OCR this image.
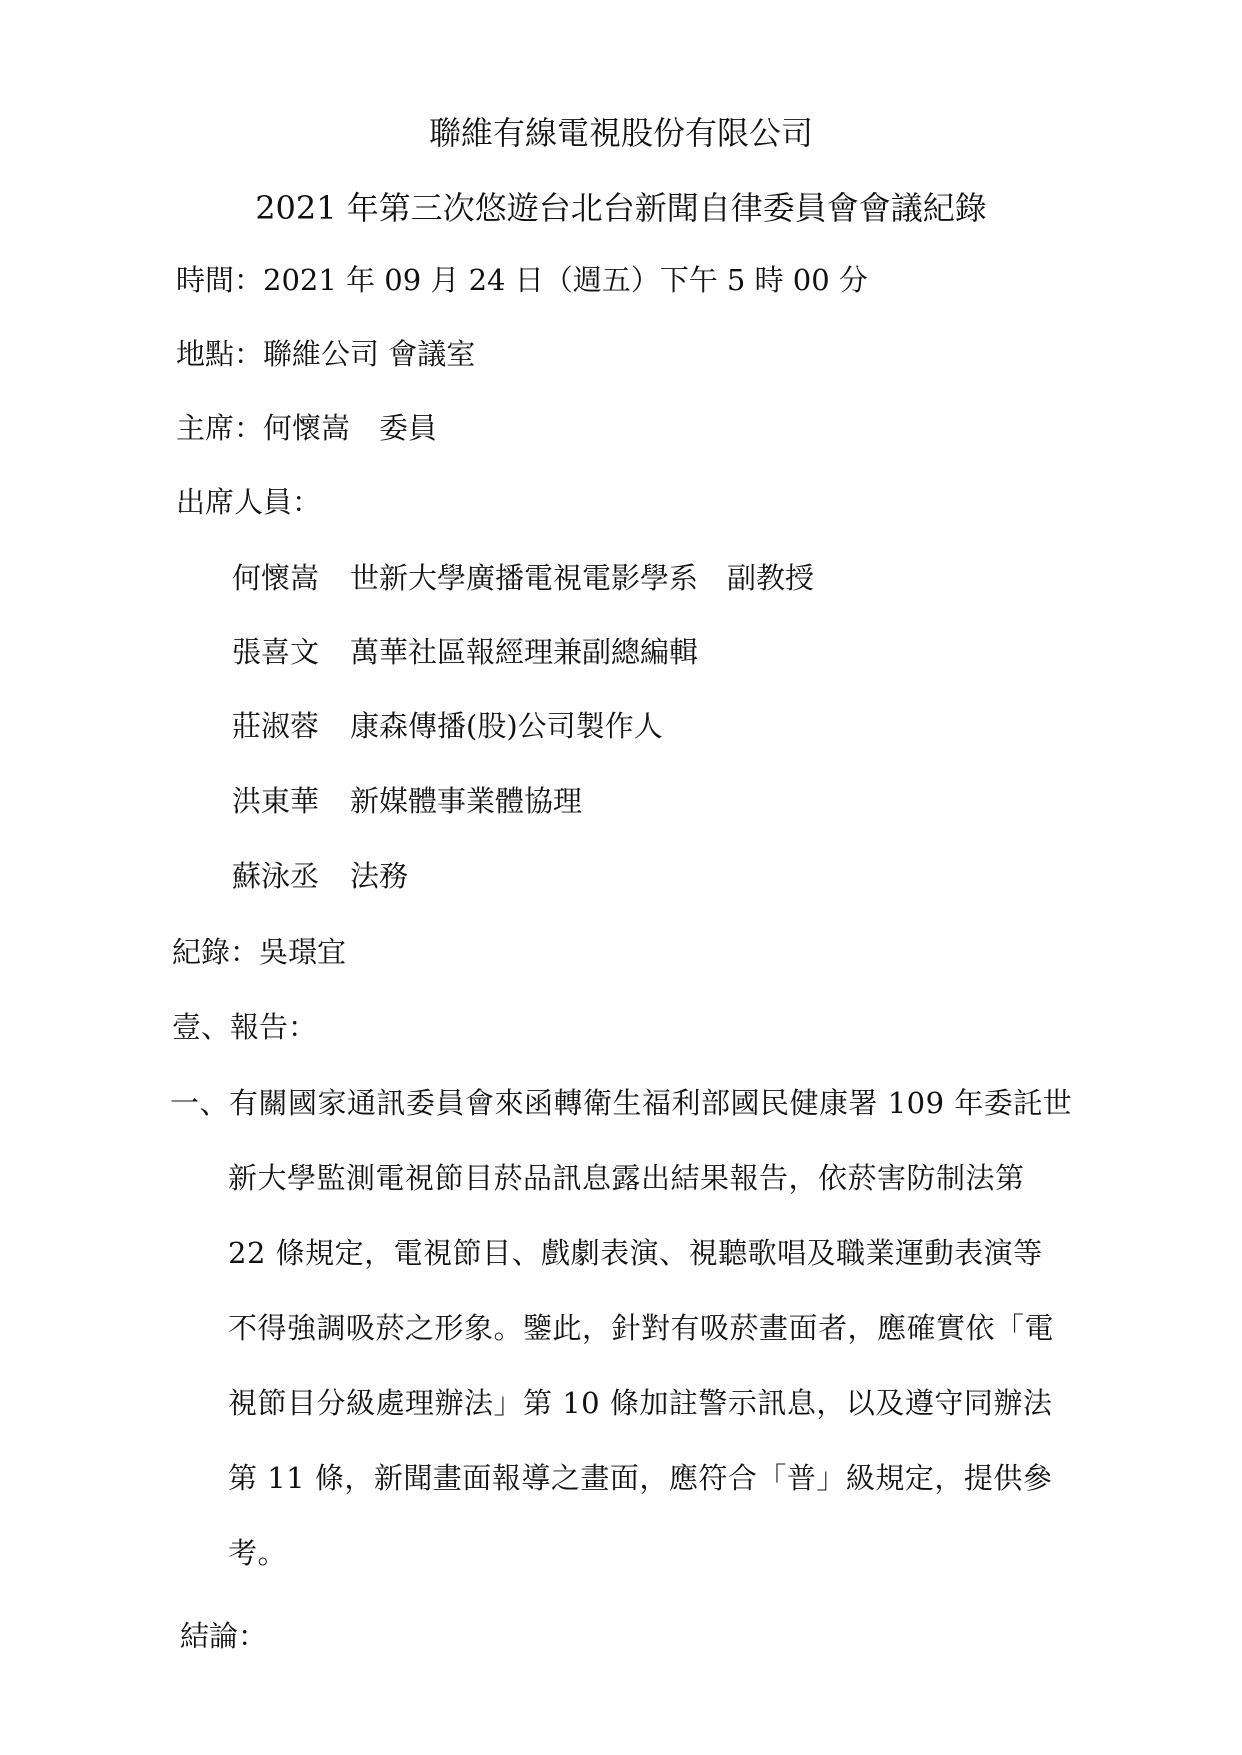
聯維有線電視股份有限公司
2021 年第三次悠遊台北台新聞自律委員會會議紀錄
時間：2021 年 09 月 24 日（週五）下午 5 時 00 分
地點：聯維公司 會議室
主席：何懷嵩　委員
出席人員：
何懷嵩 世新大學廣播電視電影學系　副教授
張喜文 萬華社區報經理兼副總編輯
莊淑蓉 康森傳播(股)公司製作人
洪東華 新媒體事業體協理
蘇泳丞 法務
紀錄：吳璟宜
壹、報告：
一、有關國家通訊委員會來函轉衛生福利部國民健康署 109 年委託世
新大學監測電視節目菸品訊息露出結果報告，依菸害防制法第
22 條規定，電視節目、戲劇表演、視聽歌唱及職業運動表演等
不得強調吸菸之形象。鑒此，針對有吸菸畫面者，應確實依「電
視節目分級處理辦法」第 10 條加註警示訊息，以及遵守同辦法
第 11 條，新聞畫面報導之畫面，應符合「普」級規定，提供參
考。
結論：
